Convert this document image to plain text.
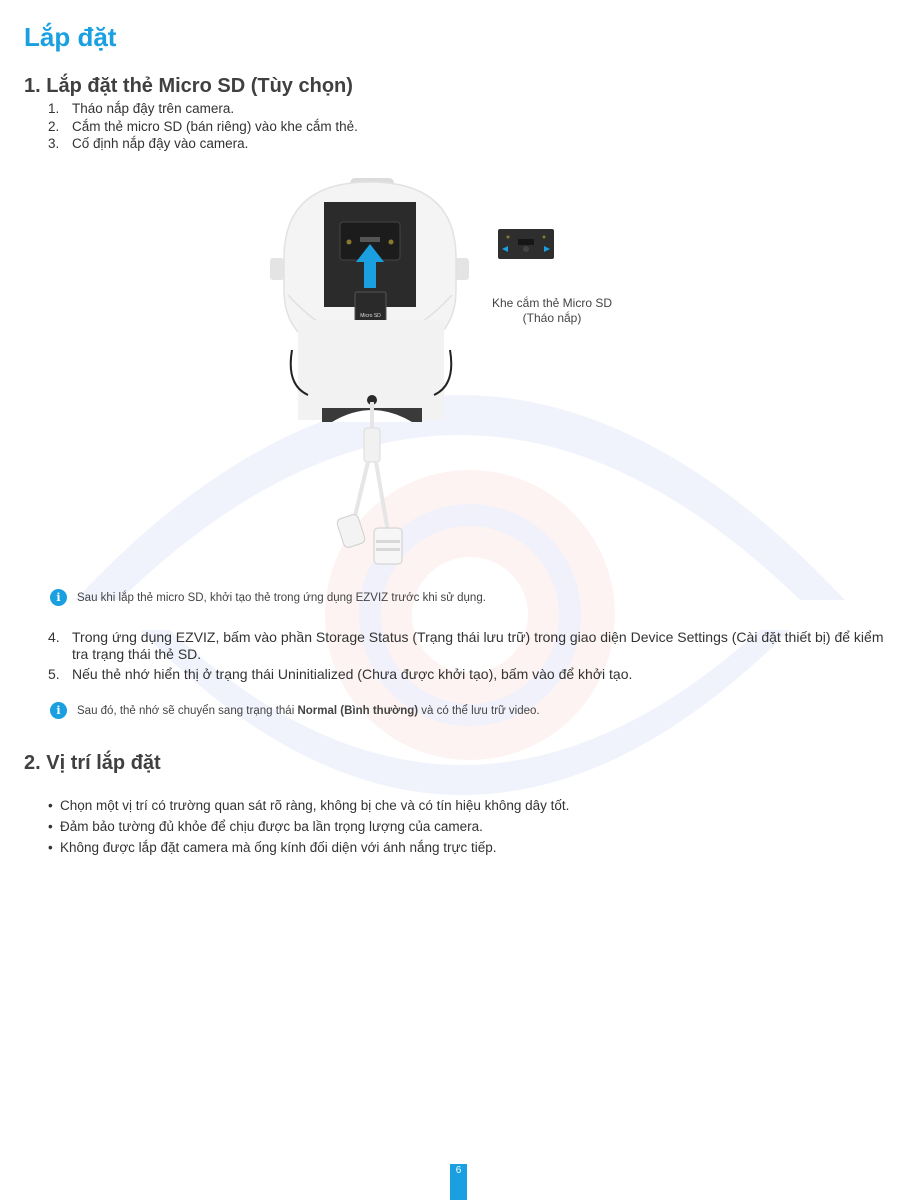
Lắp đặt
1. Lắp đặt thẻ Micro SD (Tùy chọn)
1. Tháo nắp đậy trên camera.
2. Cắm thẻ micro SD (bán riêng) vào khe cắm thẻ.
3. Cố định nắp đậy vào camera.
Micro SD
Khe cắm thẻ Micro SD
(Tháo nắp)
i	Sau khi lắp thẻ micro SD, khởi tạo thẻ trong ứng dụng EZVIZ trước khi sử dụng.
4. Trong ứng dụng EZVIZ, bấm vào phần Storage Status (Trạng thái lưu trữ) trong giao diện Device Settings (Cài đặt thiết bị) để kiểm tra trạng thái thẻ SD.
5. Nếu thẻ nhớ hiển thị ở trạng thái Uninitialized (Chưa được khởi tạo), bấm vào để khởi tạo.
i	Sau đó, thẻ nhớ sẽ chuyển sang trạng thái Normal (Bình thường) và có thể lưu trữ video.
2. Vị trí lắp đặt
• Chọn một vị trí có trường quan sát rõ ràng, không bị che và có tín hiệu không dây tốt.
• Đảm bảo tường đủ khỏe để chịu được ba lần trọng lượng của camera.
• Không được lắp đặt camera mà ống kính đối diện với ánh nắng trực tiếp.
6
